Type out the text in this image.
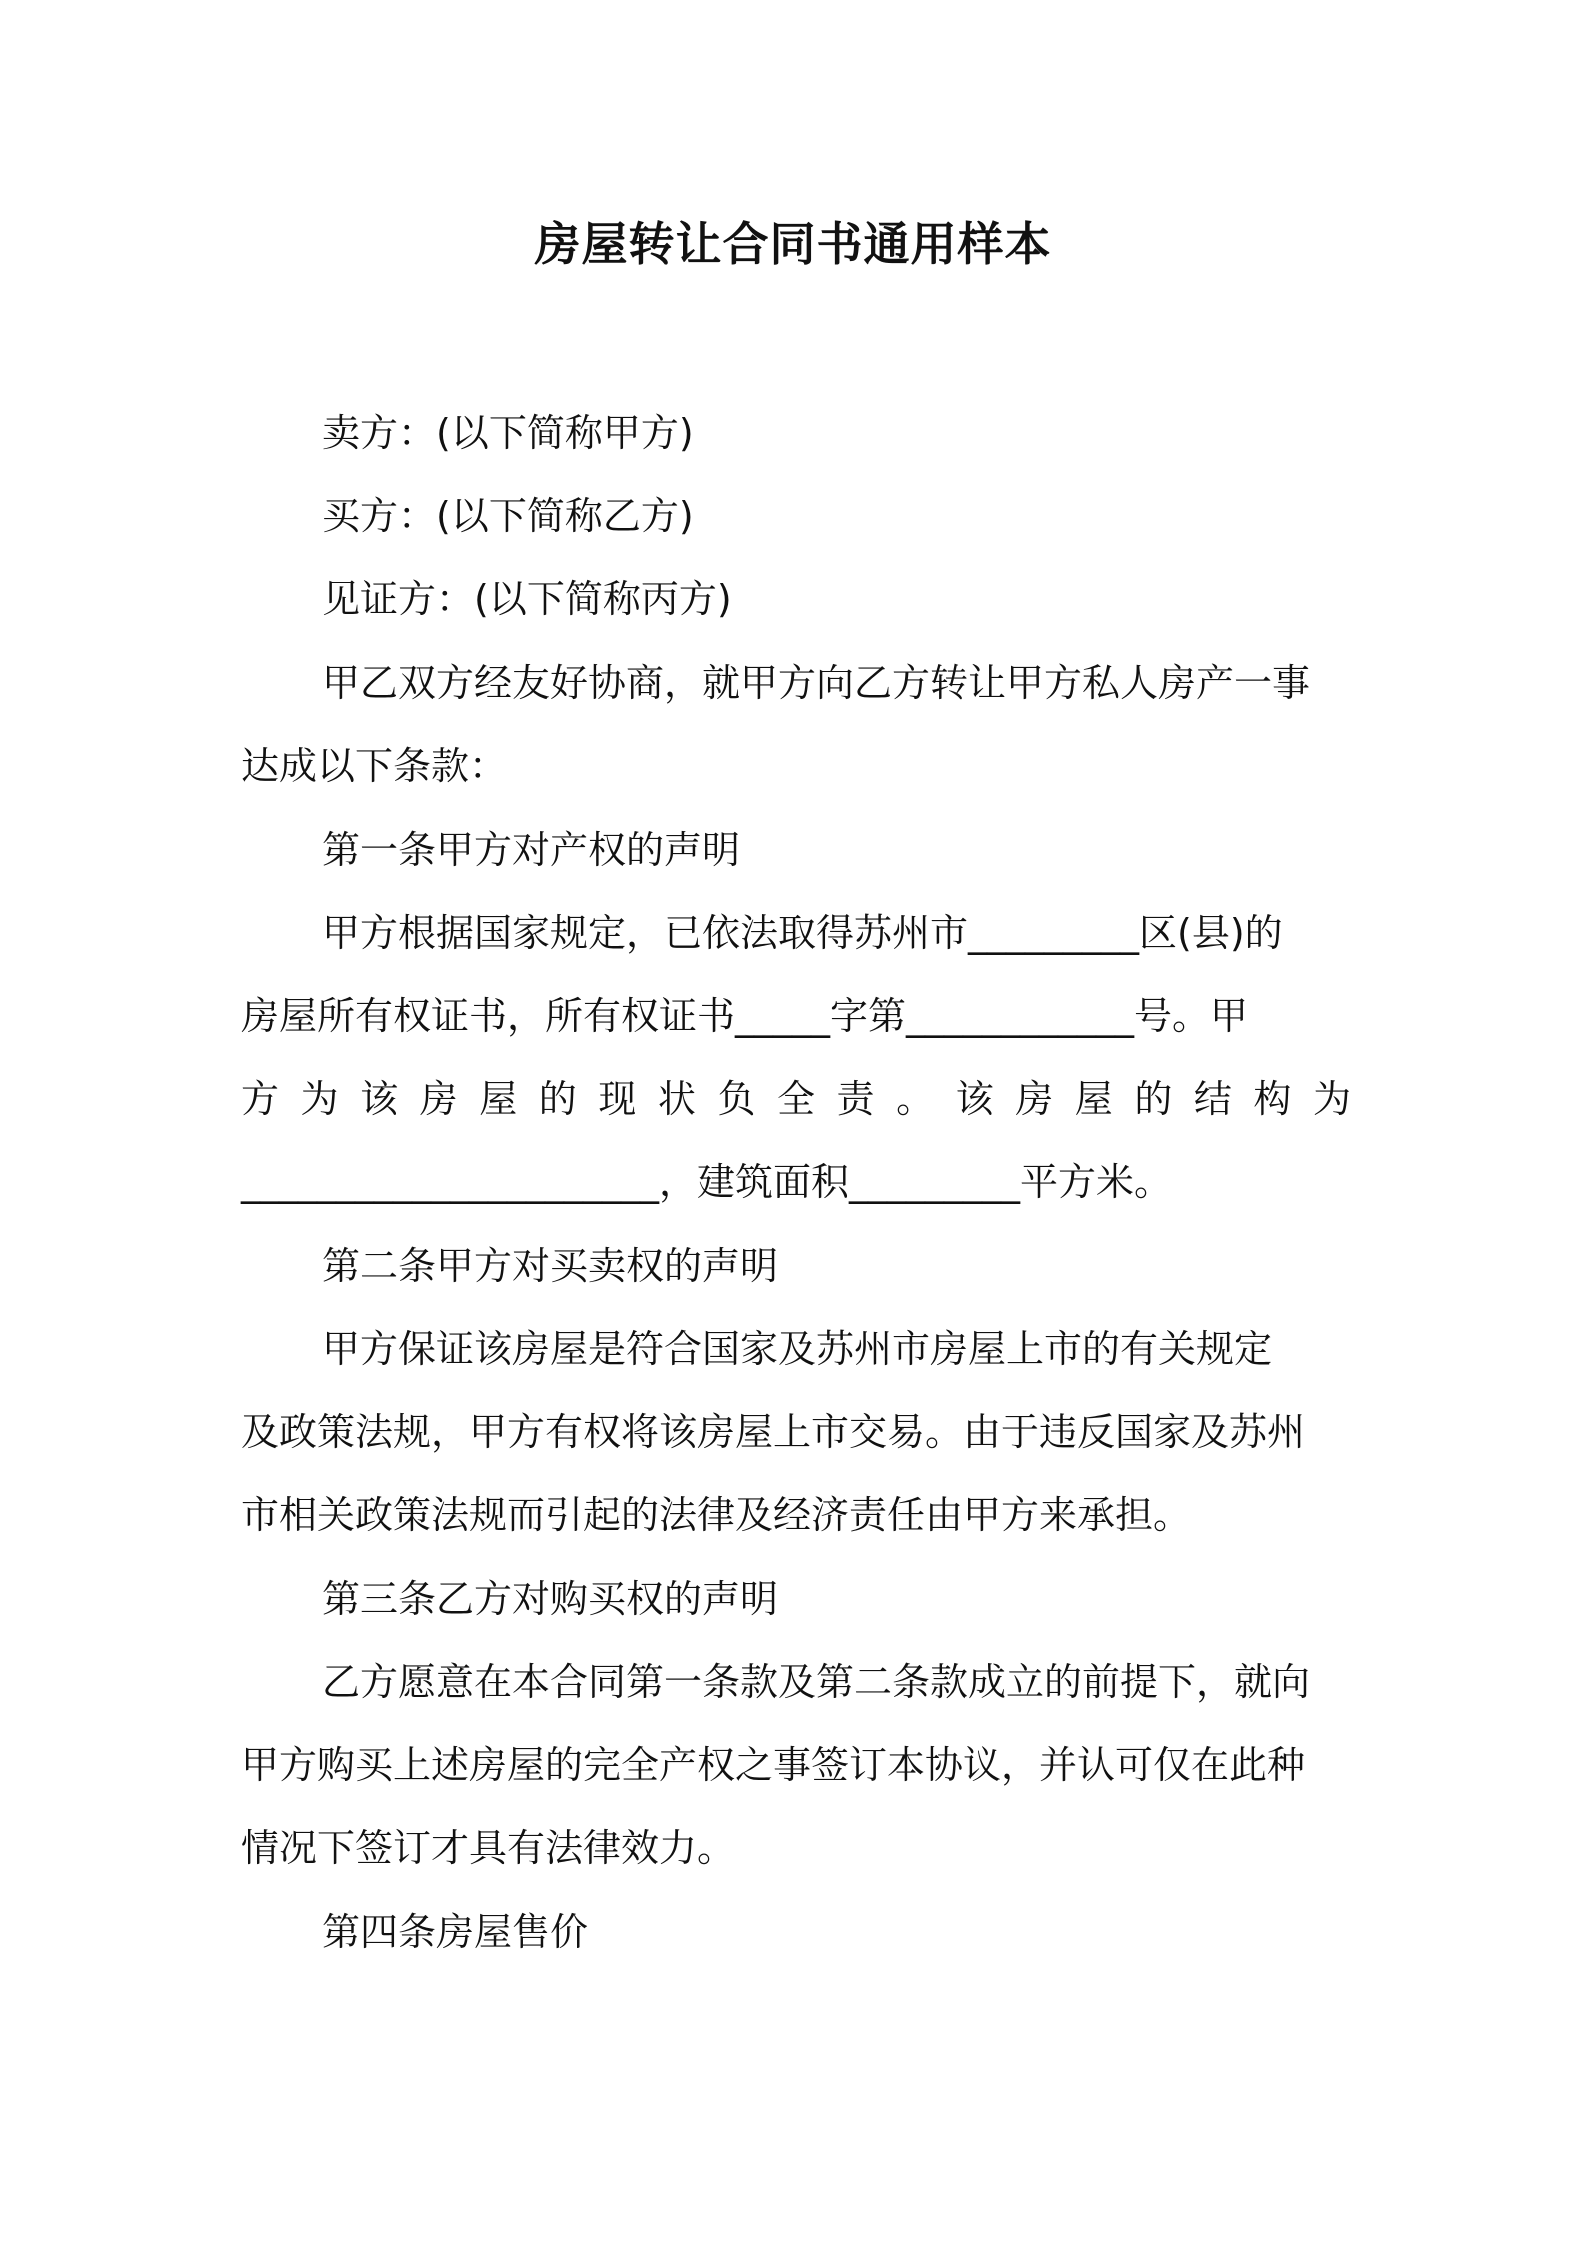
房屋转让合同书通用样本
卖方：(以下简称甲方)
买方：(以下简称乙方)
见证方：(以下简称丙方)
甲乙双方经友好协商，就甲方向乙方转让甲方私人房产一事
达成以下条款：
第一条甲方对产权的声明
甲方根据国家规定，已依法取得苏州市_________区(县)的
房屋所有权证书，所有权证书_____字第____________号。甲
方为该房屋的现状负全责。该房屋的结构为
______________________，建筑面积_________平方米。
第二条甲方对买卖权的声明
甲方保证该房屋是符合国家及苏州市房屋上市的有关规定
及政策法规，甲方有权将该房屋上市交易。由于违反国家及苏州
市相关政策法规而引起的法律及经济责任由甲方来承担。
第三条乙方对购买权的声明
乙方愿意在本合同第一条款及第二条款成立的前提下，就向
甲方购买上述房屋的完全产权之事签订本协议，并认可仅在此种
情况下签订才具有法律效力。
第四条房屋售价
